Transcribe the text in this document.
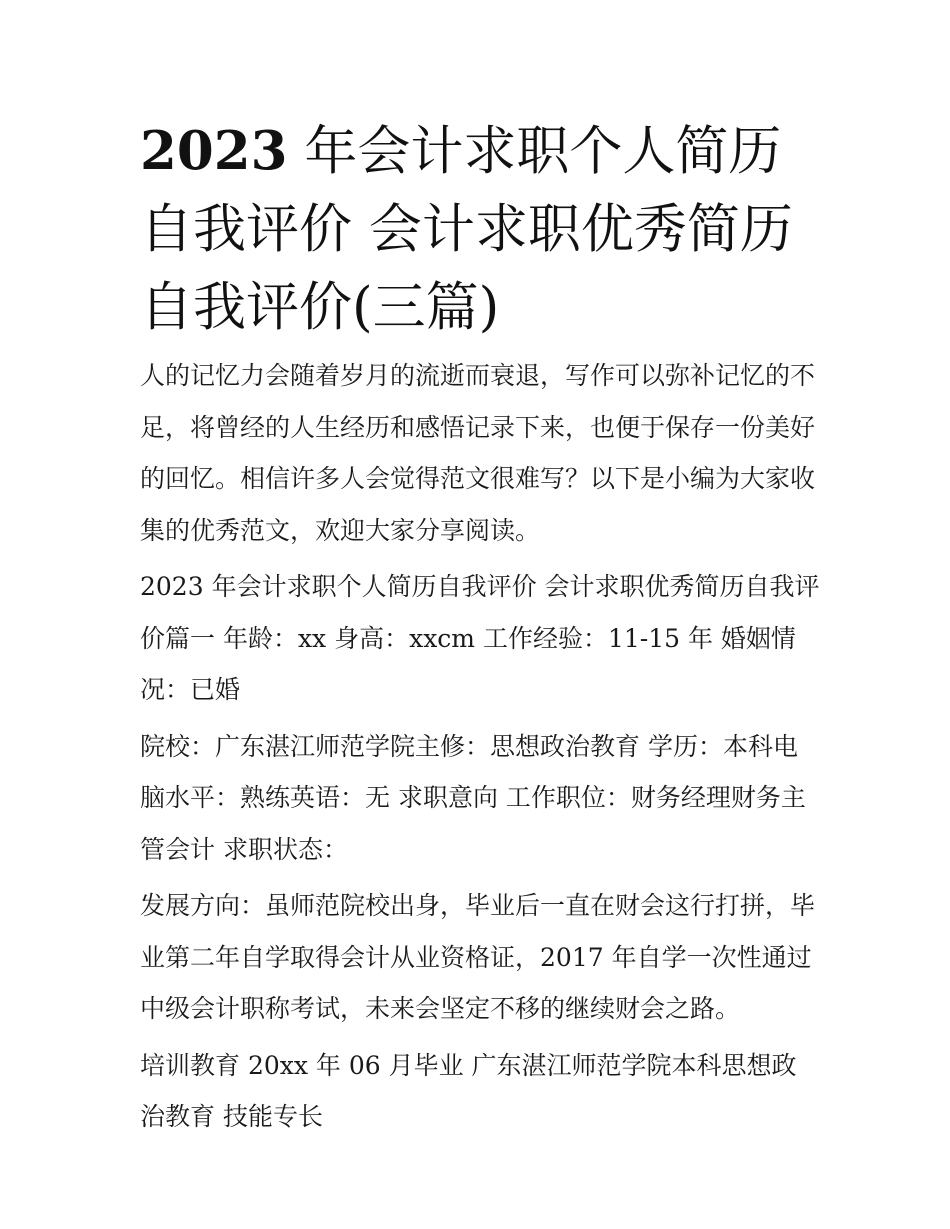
2023 年会计求职个人简历自我评价 会计求职优秀简历自我评价(三篇)

人的记忆力会随着岁月的流逝而衰退，写作可以弥补记忆的不足，将曾经的人生经历和感悟记录下来，也便于保存一份美好的回忆。相信许多人会觉得范文很难写？以下是小编为大家收集的优秀范文，欢迎大家分享阅读。

2023 年会计求职个人简历自我评价 会计求职优秀简历自我评价篇一 年龄：xx 身高：xxcm 工作经验：11-15 年 婚姻情况：已婚

院校：广东湛江师范学院主修：思想政治教育 学历：本科电脑水平：熟练英语：无 求职意向 工作职位：财务经理财务主管会计 求职状态：

发展方向：虽师范院校出身，毕业后一直在财会这行打拼，毕业第二年自学取得会计从业资格证，2017 年自学一次性通过中级会计职称考试，未来会坚定不移的继续财会之路。

培训教育 20xx 年 06 月毕业 广东湛江师范学院本科思想政治教育 技能专长
